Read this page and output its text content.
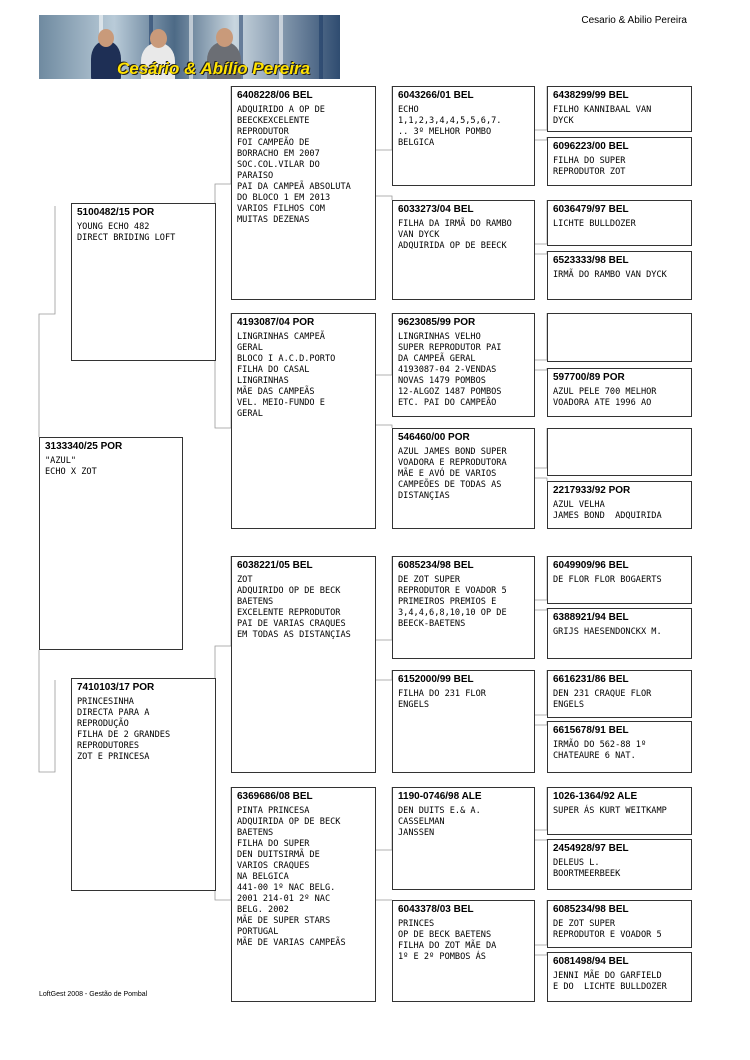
Cesário & Abílio Pereira
Cesario & Abilio Pereira
3133340/25 POR
"AZUL"
ECHO X ZOT
5100482/15 POR
YOUNG ECHO 482
DIRECT BRIDING LOFT
7410103/17 POR
PRINCESINHA
DIRECTA PARA A
REPRODUÇÃO
FILHA DE 2 GRANDES
REPRODUTORES
ZOT E PRINCESA
6408228/06 BEL
ADQUIRIDO A OP DE
BEECKEXCELENTE
REPRODUTOR
FOI CAMPEÃO DE
BORRACHO EM 2007
SOC.COL.VILAR DO
PARAISO
PAI DA CAMPEÃ ABSOLUTA
DO BLOCO 1 EM 2013
VARIOS FILHOS COM
MUITAS DEZENAS
4193087/04 POR
LINGRINHAS CAMPEÃ
GERAL
BLOCO I A.C.D.PORTO
FILHA DO CASAL
LINGRINHAS
MÃE DAS CAMPEÃS
VEL. MEIO-FUNDO E
GERAL
6038221/05 BEL
ZOT
ADQUIRIDO OP DE BECK
BAETENS
EXCELENTE REPRODUTOR
PAI DE VARIAS CRAQUES
EM TODAS AS DISTANÇIAS
6369686/08 BEL
PINTA PRINCESA
ADQUIRIDA OP DE BECK
BAETENS
FILHA DO SUPER
DEN DUITSIRMÃ DE
VARIOS CRAQUES
NA BELGICA
441-00 1º NAC BELG.
2001 214-01 2º NAC
BELG. 2002
MÃE DE SUPER STARS
PORTUGAL
MÃE DE VARIAS CAMPEÃS
6043266/01 BEL
ECHO
1,1,2,3,4,4,5,5,6,7.
.. 3º MELHOR POMBO
BELGICA
6033273/04 BEL
FILHA DA IRMÃ DO RAMBO
VAN DYCK
ADQUIRIDA OP DE BEECK
9623085/99 POR
LINGRINHAS VELHO
SUPER REPRODUTOR PAI
DA CAMPEÃ GERAL
4193087-04 2-VENDAS
NOVAS 1479 POMBOS
12-ALGOZ 1487 POMBOS
ETC. PAI DO CAMPEÃO
546460/00 POR
AZUL JAMES BOND SUPER
VOADORA E REPRODUTORA
MÃE E AVÓ DE VARIOS
CAMPEÕES DE TODAS AS
DISTANÇIAS
6085234/98 BEL
DE ZOT SUPER
REPRODUTOR E VOADOR 5
PRIMEIROS PREMIOS E
3,4,4,6,8,10,10 OP DE
BEECK-BAETENS
6152000/99 BEL
FILHA DO 231 FLOR
ENGELS
1190-0746/98 ALE
DEN DUITS E.& A.
CASSELMAN
JANSSEN
6043378/03 BEL
PRINCES
OP DE BECK BAETENS
FILHA DO ZOT MÃE DA
1º E 2º POMBOS ÁS
6438299/99 BEL
FILHO KANNIBAAL VAN
DYCK
6096223/00 BEL
FILHA DO SUPER
REPRODUTOR ZOT
6036479/97 BEL
LICHTE BULLDOZER
6523333/98 BEL
IRMÃ DO RAMBO VAN DYCK
597700/89 POR
AZUL PELE 700 MELHOR
VOADORA ATE 1996 AO
2217933/92 POR
AZUL VELHA
JAMES BOND  ADQUIRIDA
6049909/96 BEL
DE FLOR FLOR BOGAERTS
6388921/94 BEL
GRIJS HAESENDONCKX M.
6616231/86 BEL
DEN 231 CRAQUE FLOR
ENGELS
6615678/91 BEL
IRMÃO DO 562-88 1º
CHATEAURE 6 NAT.
1026-1364/92 ALE
SUPER ÁS KURT WEITKAMP
2454928/97 BEL
DELEUS L.
BOORTMEERBEEK
6085234/98 BEL
DE ZOT SUPER
REPRODUTOR E VOADOR 5
6081498/94 BEL
JENNI MÃE DO GARFIELD
E DO  LICHTE BULLDOZER
LoftGest 2008 - Gestão de Pombal
